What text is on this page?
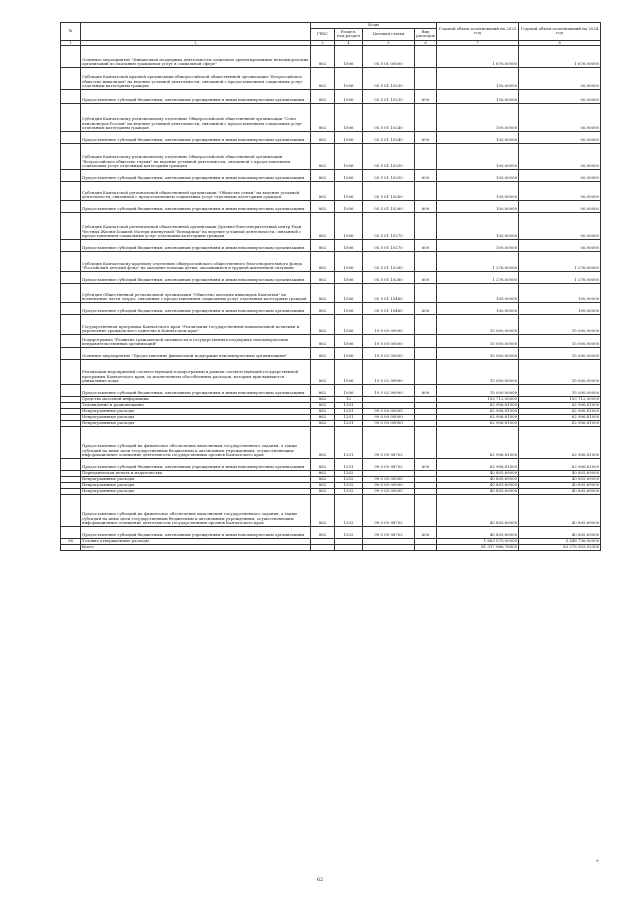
№		Коды				Годовой объем ассигнований на 2023 год	Годовой объем ассигнований на 2024 год
		ГРБС	Раздел, под-раздел	Целевая статья	Вид расходов		
1	2	3	4	5	6	7	8
	Основное мероприятие "Финансовая поддержка деятельности социально ориентированных некоммерческих организаций по оказанию гражданам услуг в социальной сфере"	862	1006	05 5 01 00000		1 676,00000	1 676,00000
	Субсидия Камчатской краевой организации общероссийской общественной организации "Всероссийское общество инвалидов" на ведение уставной деятельности, связанной с предоставлением социальных услуг отдельным категориям граждан	862	1006	05 5 01 10230		150,00000	00,00000
	Предоставление субсидий бюджетным, автономным учреждениям и иным некоммерческим организациям	862	1006	05 5 01 10230	600	150,00000	00,00000
	Субсидия Камчатскому региональному отделению Общероссийской общественной организации "Союз пенсионеров России" на ведение уставной деятельности, связанной с предоставлением социальных услуг отдельным категориям граждан	862	1006	05 5 01 10240		100,00000	00,00000
	Предоставление субсидий бюджетным, автономным учреждениям и иным некоммерческим организациям	862	1006	05 5 01 10240	600	100,00000	00,00000
	Субсидия Камчатскому региональному отделению Общероссийской общественной организации "Всероссийское общество глухих" на ведение уставной деятельности, связанной с предоставлением социальных услуг отдельным категориям граждан	862	1006	05 5 01 10250		100,00000	00,00000
	Предоставление субсидий бюджетным, автономным учреждениям и иным некоммерческим организациям	862	1006	05 5 01 10250	600	100,00000	00,00000
	Субсидия Камчатской региональной общественной организации "Общество семьи" на ведение уставной деятельности, связанной с предоставлением социальных услуг отдельным категориям граждан	862	1006	05 5 01 10260		100,00000	00,00000
	Предоставление субсидий бюджетным, автономным учреждениям и иным некоммерческим организациям	862	1006	05 5 01 10260	600	100,00000	00,00000
	Субсидия Камчатской региональной общественной организации Духовно-благотворительный центр Ради Честных Жизни Божией Матери именуемой "Всецарица" на ведение уставной деятельности, связанной с предоставлением социальных услуг отдельным категориям граждан	862	1006	05 5 01 10270		100,00000	00,00000
	Предоставление субсидий бюджетным, автономным учреждениям и иным некоммерческим организациям	862	1006	05 5 01 10270	600	100,00000	00,00000
	Субсидия Камчатскому краевому отделению общероссийского общественного благотворительного фонда "Российский детский фонд" на оказание помощи детям, оказавшимся в трудной жизненной ситуации	862	1006	05 5 01 10280		1 276,00000	1 276,00000
	Предоставление субсидий бюджетным, автономным учреждениям и иным некоммерческим организациям	862	1006	05 5 01 10280	600	1 276,00000	1 276,00000
	Субсидия Общественной региональной организации "Общество молодых инвалидов Камчатки" на возмещение части затрат, связанных с предоставлением социальных услуг отдельным категориям граждан	862	1006	05 5 01 10480		100,00000	100,00000
	Предоставление субсидий бюджетным, автономным учреждениям и иным некоммерческим организациям	862	1006	05 5 01 10480	600	100,00000	100,00000
	Государственная программа Камчатского края "Реализация государственной национальной политики и укрепление гражданского единства в Камчатском крае"	862	1006	19 0 00 00000		15 000,00000	15 000,00000
	Подпрограмма "Развитие гражданской активности и государственная поддержка некоммерческих неправительственных организаций"	862	1006	19 5 00 00000		15 000,00000	15 000,00000
	Основное мероприятие "Предоставление финансовой поддержки некоммерческим организациям"	862	1006	19 5 02 00000		15 000,00000	15 000,00000
	Реализация мероприятий соответствующей подпрограммы в рамках соответствующей государственной программы Камчатского края, за исключением обособленных расходов, которым присваиваются уникальные коды	862	1006	19 5 02 99990		15 000,00000	15 000,00000
	Предоставление субсидий бюджетным, автономным учреждениям и иным некоммерческим организациям	862	1006	19 5 02 99990	600	15 000,00000	15 000,00000
	Средства массовой информации	862	12			103 712,50000	103 712,50000
	Телевидение и радиовещание	862	1201			62 906,81000	62 906,81000
	Непрограммные расходы	862	1201	99 0 00 00000		62 906,81000	62 906,81000
	Непрограммные расходы	862	1201	99 0 00 00000		62 906,81000	62 906,81000
	Непрограммные расходы	862	1201	99 0 00 00000		62 906,81000	62 906,81000
	Предоставление субсидий на финансовое обеспечение выполнения государственного задания, а также субсидий на иные цели государственным бюджетным и автономным учреждениям, осуществляющим информационное освещение деятельности государственных органов Камчатского края	862	1201	99 0 00 98702		62 906,81000	62 906,81000
	Предоставление субсидий бюджетным, автономным учреждениям и иным некоммерческим организациям	862	1201	99 0 00 98702	600	62 906,81000	62 906,81000
	Периодическая печать и издательства	862	1202			40 805,69000	40 805,69000
	Непрограммные расходы	862	1202	99 0 00 00000		40 805,69000	40 805,69000
	Непрограммные расходы	862	1202	99 0 00 00000		40 805,69000	40 805,69000
	Непрограммные расходы	862	1202	99 0 00 00000		40 805,69000	40 805,69000
	Предоставление субсидий на финансовое обеспечение выполнения государственного задания, а также субсидий на иные цели государственным бюджетным и автономным учреждениям, осуществляющим информационное освещение деятельности государственных органов Камчатского края	862	1202	99 0 00 98702		40 805,69000	40 805,69000
	Предоставление субсидий бюджетным, автономным учреждениям и иным некоммерческим организациям	862	1202	99 0 00 98702	600	40 805,69000	40 805,69000
36	Условно утвержденные расходы					1 663 075,00000	3 548 736,00000
	Всего					81 317 966,76905	83 275 929,02300
*
62
